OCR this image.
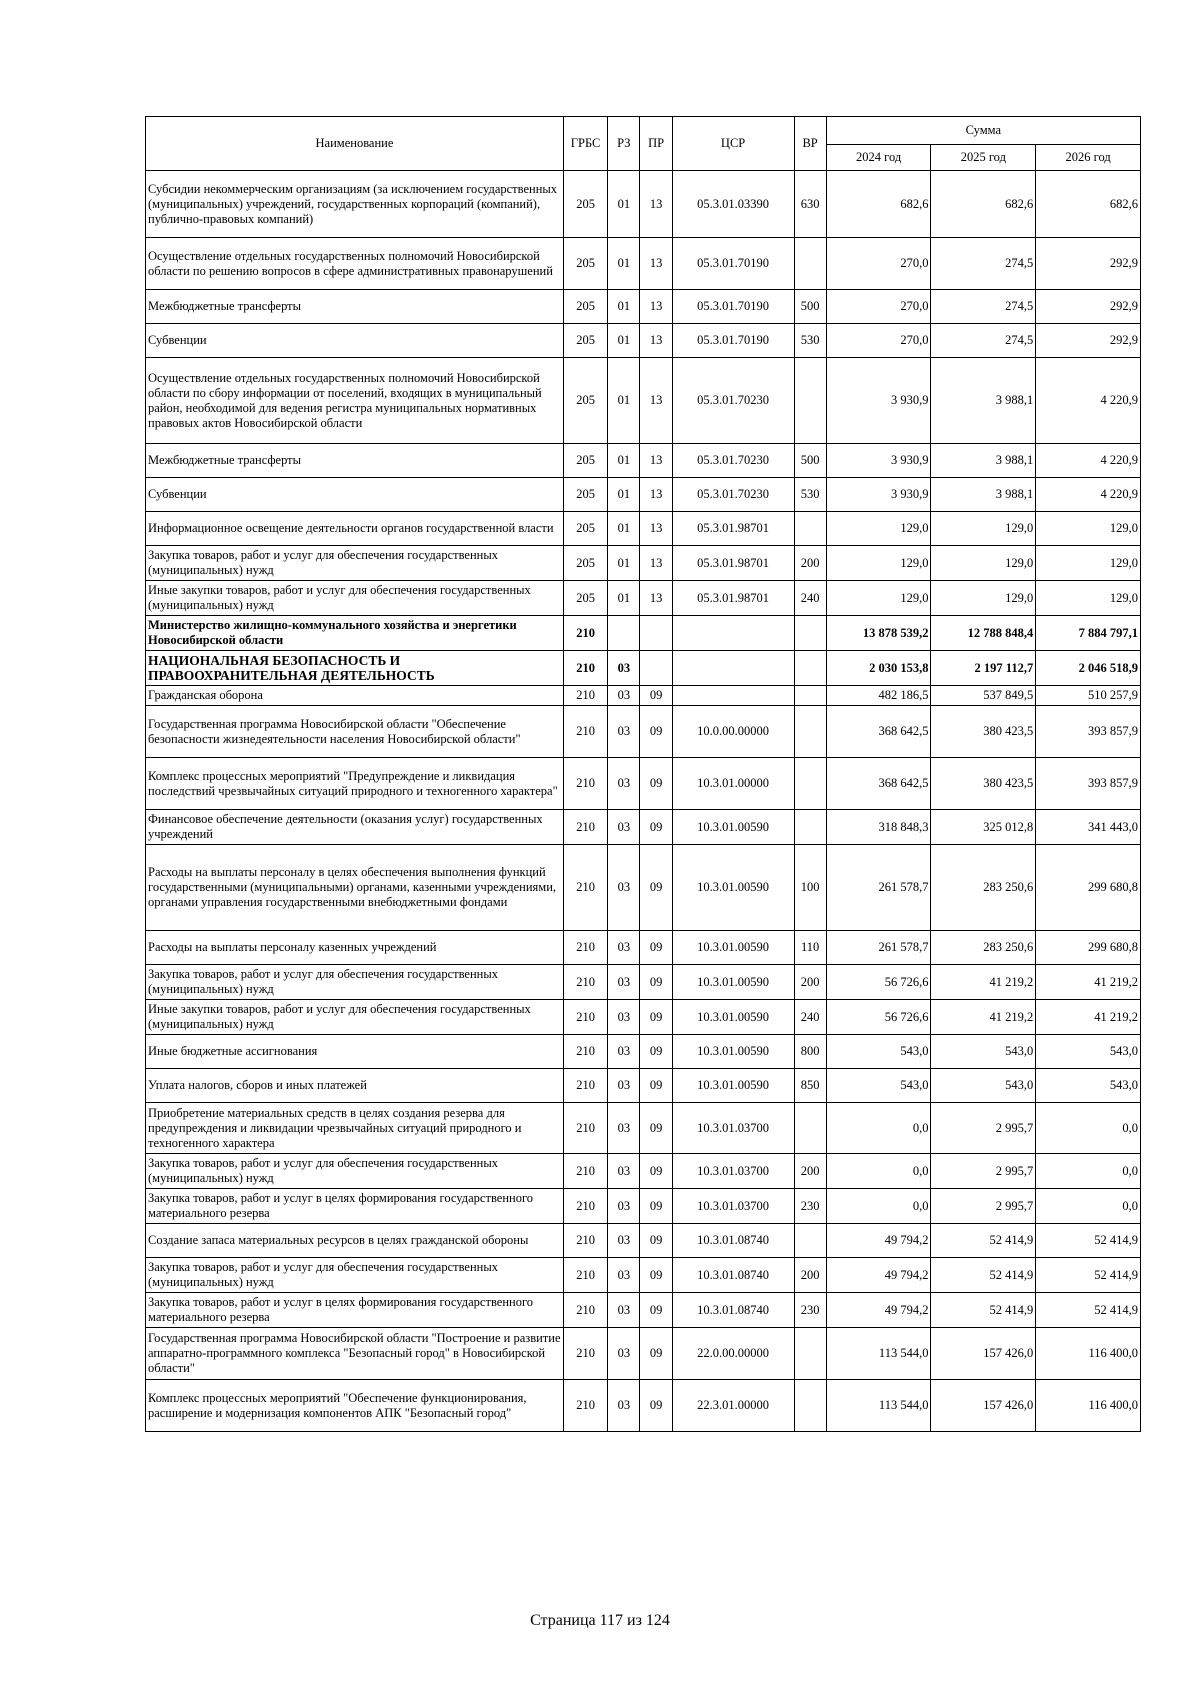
Наименование	ГРБС	РЗ	ПР	ЦСР	ВР	Сумма		
						2024 год	2025 год	2026 год
Субсидии некоммерческим организациям (за исключением государственных (муниципальных) учреждений, государственных корпораций (компаний), публично-правовых компаний)	205	01	13	05.3.01.03390	630	682,6	682,6	682,6
Осуществление отдельных государственных полномочий Новосибирской области по решению вопросов в сфере административных правонарушений	205	01	13	05.3.01.70190		270,0	274,5	292,9
Межбюджетные трансферты	205	01	13	05.3.01.70190	500	270,0	274,5	292,9
Субвенции	205	01	13	05.3.01.70190	530	270,0	274,5	292,9
Осуществление отдельных государственных полномочий Новосибирской области по сбору информации от поселений, входящих в муниципальный район, необходимой для ведения регистра муниципальных нормативных правовых актов Новосибирской области	205	01	13	05.3.01.70230		3 930,9	3 988,1	4 220,9
Межбюджетные трансферты	205	01	13	05.3.01.70230	500	3 930,9	3 988,1	4 220,9
Субвенции	205	01	13	05.3.01.70230	530	3 930,9	3 988,1	4 220,9
Информационное освещение деятельности органов государственной власти	205	01	13	05.3.01.98701		129,0	129,0	129,0
Закупка товаров, работ и услуг для обеспечения государственных (муниципальных) нужд	205	01	13	05.3.01.98701	200	129,0	129,0	129,0
Иные закупки товаров, работ и услуг для обеспечения государственных (муниципальных) нужд	205	01	13	05.3.01.98701	240	129,0	129,0	129,0
Министерство жилищно-коммунального хозяйства и энергетики Новосибирской области	210					13 878 539,2	12 788 848,4	7 884 797,1
НАЦИОНАЛЬНАЯ БЕЗОПАСНОСТЬ И ПРАВООХРАНИТЕЛЬНАЯ ДЕЯТЕЛЬНОСТЬ	210	03				2 030 153,8	2 197 112,7	2 046 518,9
Гражданская оборона	210	03	09			482 186,5	537 849,5	510 257,9
Государственная программа Новосибирской области "Обеспечение безопасности жизнедеятельности населения Новосибирской области"	210	03	09	10.0.00.00000		368 642,5	380 423,5	393 857,9
Комплекс процессных мероприятий "Предупреждение и ликвидация последствий чрезвычайных ситуаций природного и техногенного характера"	210	03	09	10.3.01.00000		368 642,5	380 423,5	393 857,9
Финансовое обеспечение деятельности (оказания услуг) государственных учреждений	210	03	09	10.3.01.00590		318 848,3	325 012,8	341 443,0
Расходы на выплаты персоналу в целях обеспечения выполнения функций государственными (муниципальными) органами, казенными учреждениями, органами управления государственными внебюджетными фондами	210	03	09	10.3.01.00590	100	261 578,7	283 250,6	299 680,8
Расходы на выплаты персоналу казенных учреждений	210	03	09	10.3.01.00590	110	261 578,7	283 250,6	299 680,8
Закупка товаров, работ и услуг для обеспечения государственных (муниципальных) нужд	210	03	09	10.3.01.00590	200	56 726,6	41 219,2	41 219,2
Иные закупки товаров, работ и услуг для обеспечения государственных (муниципальных) нужд	210	03	09	10.3.01.00590	240	56 726,6	41 219,2	41 219,2
Иные бюджетные ассигнования	210	03	09	10.3.01.00590	800	543,0	543,0	543,0
Уплата налогов, сборов и иных платежей	210	03	09	10.3.01.00590	850	543,0	543,0	543,0
Приобретение материальных средств в целях создания резерва для предупреждения и ликвидации чрезвычайных ситуаций природного и техногенного характера	210	03	09	10.3.01.03700		0,0	2 995,7	0,0
Закупка товаров, работ и услуг для обеспечения государственных (муниципальных) нужд	210	03	09	10.3.01.03700	200	0,0	2 995,7	0,0
Закупка товаров, работ и услуг в целях формирования государственного материального резерва	210	03	09	10.3.01.03700	230	0,0	2 995,7	0,0
Создание запаса материальных ресурсов в целях гражданской обороны	210	03	09	10.3.01.08740		49 794,2	52 414,9	52 414,9
Закупка товаров, работ и услуг для обеспечения государственных (муниципальных) нужд	210	03	09	10.3.01.08740	200	49 794,2	52 414,9	52 414,9
Закупка товаров, работ и услуг в целях формирования государственного материального резерва	210	03	09	10.3.01.08740	230	49 794,2	52 414,9	52 414,9
Государственная программа Новосибирской области "Построение и развитие аппаратно-программного комплекса "Безопасный город" в Новосибирской области"	210	03	09	22.0.00.00000		113 544,0	157 426,0	116 400,0
Комплекс процессных мероприятий "Обеспечение функционирования, расширение и модернизация компонентов АПК "Безопасный город"	210	03	09	22.3.01.00000		113 544,0	157 426,0	116 400,0
Страница 117 из 124
